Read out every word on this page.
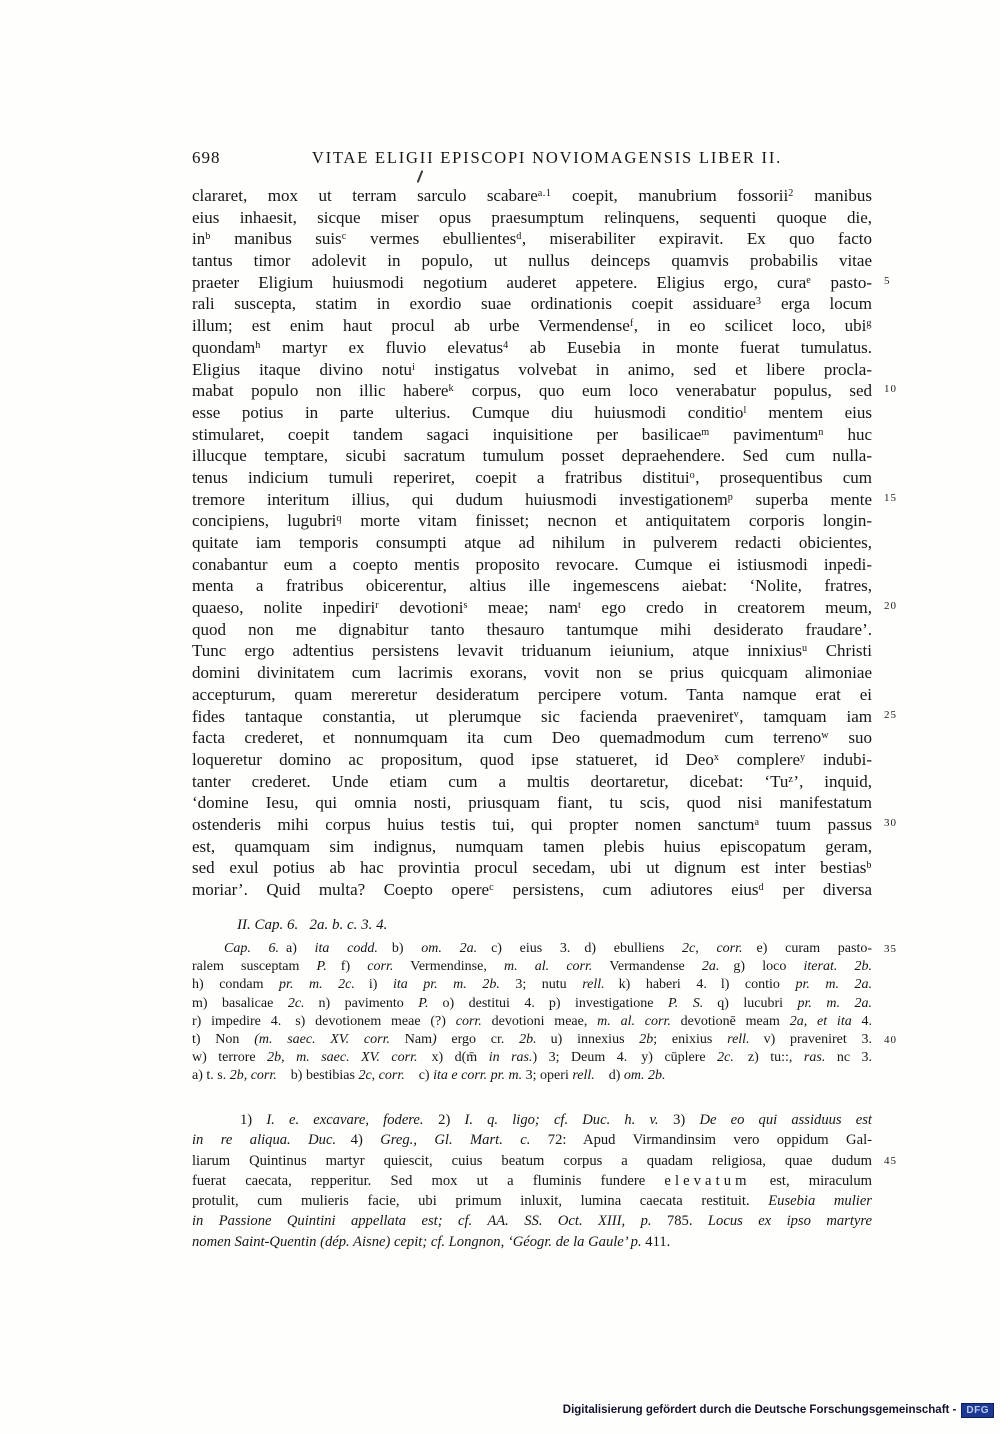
698	VITAE ELIGII EPISCOPI NOVIOMAGENSIS LIBER II.
clararet, mox ut terram sarculo scabare$^{a.1}$ coepit, manubrium fossorii$^2$ manibus
eius inhaesit, sicque miser opus praesumptum relinquens, sequenti quoque die,
$in^b$ manibus suis$^c$ vermes ebullientes$^d$, miserabiliter expiravit. Ex quo facto
tantus timor adolevit in populo, ut nullus deinceps quamvis probabilis vitae
praeter Eligium huiusmodi negotium auderet appetere. Eligius ergo, cura$^e$ pasto- 5
rali suscepta, statim in exordio suae ordinationis coepit assiduare$^3$ erga locum
illum; est enim haut procul ab urbe Vermendense$^f$, in eo scilicet loco, ubi$^g$
quondam$^h$ martyr ex fluvio elevatus$^4$ ab Eusebia in monte fuerat tumulatus.
Eligius itaque divino notu$^i$ instigatus volvebat in animo, sed et libere procla-
mabat populo non illic habere$^k$ corpus, quo eum loco venerabatur populus, sed 10
esse potius in parte ulterius. Cumque diu huiusmodi conditio$^l$ mentem eius
stimularet, coepit tandem sagaci inquisitione per basilicae$^m$ pavimentum$^n$ huc
illucque temptare, sicubi sacratum tumulum posset depraehendere. Sed cum nulla-
tenus indicium tumuli reperiret, coepit a fratribus distitui$^o$, prosequentibus cum
tremore interitum illius, qui dudum huiusmodi investigationem$^p$ superba mente 15
concipiens, lugubri$^q$ morte vitam finisset; necnon et antiquitatem corporis longin-
quitate iam temporis consumpti atque ad nihilum in pulverem redacti obicientes,
conabantur eum a coepto mentis proposito revocare. Cumque ei istiusmodi inpedi-
menta a fratribus obicerentur, altius ille ingemescens aiebat: ‘Nolite, fratres,
quaeso, nolite inpediri$^r$ devotioni$^s$ meae; nam$^t$ ego credo in creatorem meum, 20
quod non me dignabitur tanto thesauro tantumque mihi desiderato fraudare’.
Tunc ergo adtentius persistens levavit triduanum ieiunium, atque innixius$^u$ Christi
domini divinitatem cum lacrimis exorans, vovit non se prius quicquam alimoniae
accepturum, quam mereretur desideratum percipere votum. Tanta namque erat ei
fides tantaque constantia, ut plerumque sic facienda praeveniret$^v$, tamquam iam 25
facta crederet, et nonnumquam ita cum Deo quemadmodum cum terreno$^w$ suo
loqueretur domino ac propositum, quod ipse statueret, id Deo$^x$ complere$^y$ indubi-
tanter crederet. Unde etiam cum a multis deortaretur, dicebat: ‘Tu$^z$’, inquid,
‘domine Iesu, qui omnia nosti, priusquam fiant, tu scis, quod nisi manifestatum
ostenderis mihi corpus huius testis tui, qui propter nomen sanctum$^a$ tuum passus 30
est, quamquam sim indignus, numquam tamen plebis huius episcopatum geram,
sed exul potius ab hac provintia procul secedam, ubi ut dignum est inter bestias$^b$
moriar’. Quid multa? Coepto opere$^c$ persistens, cum adiutores eius$^d$ per diversa
II. Cap. 6.  2a. b. c. 3. 4.
Cap. 6. a) ita codd. b) om. 2a. c) eius 3. d) ebulliens 2c, corr. e) curam pasto- 35
ralem susceptam P. f) corr. Vermendinse, m. al. corr. Vermandense 2a. g) loco iterat. 2b.
h) condam pr. m. 2c. i) ita pr. m. 2b. 3; nutu rell. k) haberi 4. l) contio pr. m. 2a.
m) basalicae 2c. n) pavimento P. o) destitui 4. p) investigatione P. S. q) lucubri pr. m. 2a.
r) impedire 4. s) devotionem meae (?) corr. devotioni meae, m. al. corr. devotionē meam 2a, et ita 4.
t) Non (m. saec. XV. corr. Nam) ergo cr. 2b. u) innexius 2b; enixius rell. v) praveniret 3. 40
w) terrore 2b, m. saec. XV. corr. x) d(m̄ in ras.) 3; Deum 4. y) cūplere 2c. z) tu::, ras. nc 3.
a) t. s. 2b, corr. b) bestibias 2c, corr. c) ita e corr. pr. m. 3; operi rell. d) om. 2b.
1) I. e. excavare, fodere. 2) I. q. ligo; cf. Duc. h. v. 3) De eo qui assiduus est
in re aliqua. Duc. 4) Greg., Gl. Mart. c. 72: Apud Virmandinsim vero oppidum Gal-
liarum Quintinus martyr quiescit, cuius beatum corpus a quadam religiosa, quae dudum 45
fuerat caecata, repperitur. Sed mox ut a fluminis fundere elevatum est, miraculum
protulit, cum mulieris facie, ubi primum inluxit, lumina caecata restituit. Eusebia mulier
in Passione Quintini appellata est; cf. AA. SS. Oct. XIII, p. 785. Locus ex ipso martyre
nomen Saint-Quentin (dép. Aisne) cepit; cf. Longnon, ‘Géogr. de la Gaule’ p. 411.
Digitalisierung gefördert durch die Deutsche Forschungsgemeinschaft -	DFG
